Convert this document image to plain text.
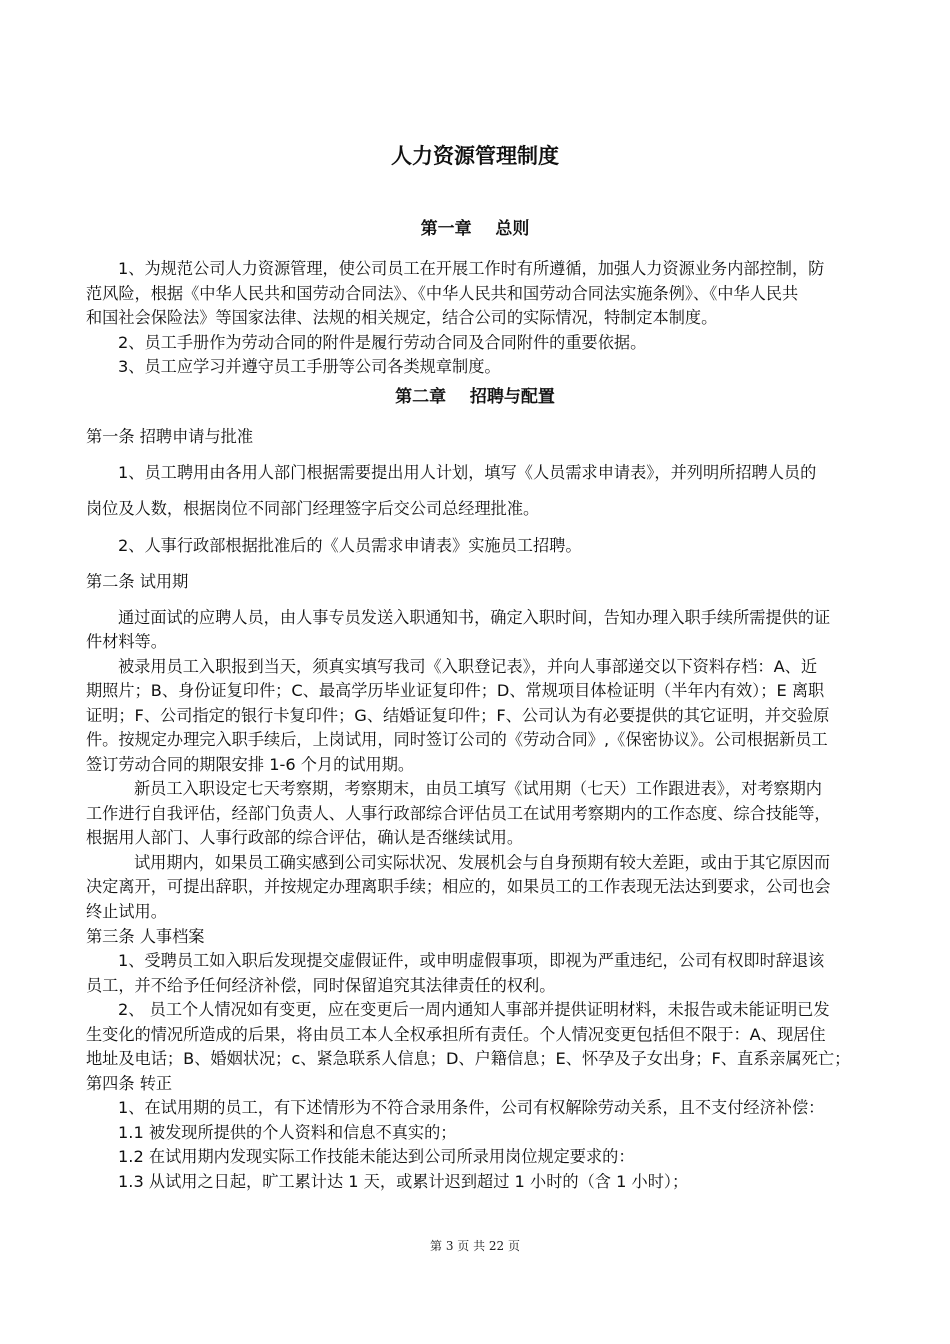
人力资源管理制度
第一章    总则
1、为规范公司人力资源管理，使公司员工在开展工作时有所遵循，加强人力资源业务内部控制，防
范风险，根据《中华人民共和国劳动合同法》、《中华人民共和国劳动合同法实施条例》、《中华人民共
和国社会保险法》等国家法律、法规的相关规定，结合公司的实际情况，特制定本制度。
2、员工手册作为劳动合同的附件是履行劳动合同及合同附件的重要依据。
3、员工应学习并遵守员工手册等公司各类规章制度。
第二章    招聘与配置
第一条 招聘申请与批准
1、员工聘用由各用人部门根据需要提出用人计划，填写《人员需求申请表》，并列明所招聘人员的
岗位及人数，根据岗位不同部门经理签字后交公司总经理批准。
2、人事行政部根据批准后的《人员需求申请表》实施员工招聘。
第二条 试用期
通过面试的应聘人员，由人事专员发送入职通知书，确定入职时间，告知办理入职手续所需提供的证
件材料等。
被录用员工入职报到当天，须真实填写我司《入职登记表》，并向人事部递交以下资料存档：A、近
期照片；B、身份证复印件；C、最高学历毕业证复印件；D、常规项目体检证明（半年内有效）；E 离职
证明；F、公司指定的银行卡复印件；G、结婚证复印件；F、公司认为有必要提供的其它证明，并交验原
件。按规定办理完入职手续后，上岗试用，同时签订公司的《劳动合同》,《保密协议》。公司根据新员工
签订劳动合同的期限安排 1-6 个月的试用期。
新员工入职设定七天考察期，考察期末，由员工填写《试用期（七天）工作跟进表》，对考察期内
工作进行自我评估，经部门负责人、人事行政部综合评估员工在试用考察期内的工作态度、综合技能等，
根据用人部门、人事行政部的综合评估，确认是否继续试用。
试用期内，如果员工确实感到公司实际状况、发展机会与自身预期有较大差距，或由于其它原因而
决定离开，可提出辞职，并按规定办理离职手续；相应的，如果员工的工作表现无法达到要求，公司也会
终止试用。
第三条 人事档案
1、受聘员工如入职后发现提交虚假证件，或申明虚假事项，即视为严重违纪，公司有权即时辞退该
员工，并不给予任何经济补偿，同时保留追究其法律责任的权利。
2、 员工个人情况如有变更，应在变更后一周内通知人事部并提供证明材料，未报告或未能证明已发
生变化的情况所造成的后果，将由员工本人全权承担所有责任。个人情况变更包括但不限于：A、现居住
地址及电话；B、婚姻状况；c、紧急联系人信息；D、户籍信息；E、怀孕及子女出身；F、直系亲属死亡；
第四条 转正
1、在试用期的员工，有下述情形为不符合录用条件，公司有权解除劳动关系，且不支付经济补偿：
1.1 被发现所提供的个人资料和信息不真实的；
1.2 在试用期内发现实际工作技能未能达到公司所录用岗位规定要求的：
1.3 从试用之日起，旷工累计达 1 天，或累计迟到超过 1 小时的（含 1 小时）；
第 3 页 共 22 页
